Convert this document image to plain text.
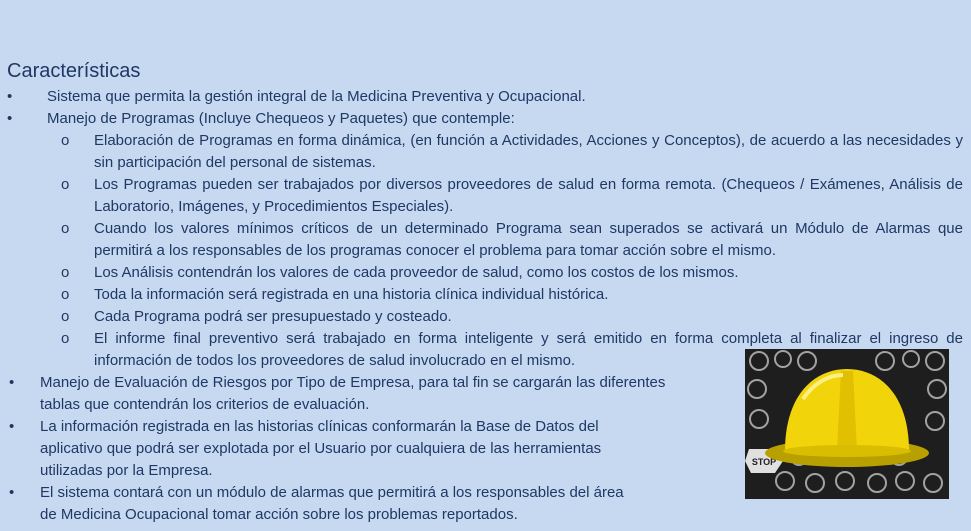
Características
• Sistema que permita la gestión integral de la Medicina Preventiva y Ocupacional.
• Manejo de Programas (Incluye Chequeos y Paquetes) que contemple:
o Elaboración de Programas en forma dinámica, (en función a Actividades, Acciones y Conceptos), de acuerdo a las necesidades y sin participación del personal de sistemas.
o Los Programas pueden ser trabajados por diversos proveedores de salud en forma remota. (Chequeos / Exámenes, Análisis de Laboratorio, Imágenes, y Procedimientos Especiales).
o Cuando los valores mínimos críticos de un determinado Programa sean superados se activará un Módulo de Alarmas que permitirá a los responsables de los programas conocer el problema para tomar acción sobre el mismo.
o Los Análisis contendrán los valores de cada proveedor de salud, como los costos de los mismos.
o Toda la información será registrada en una historia clínica individual histórica.
o Cada Programa podrá ser presupuestado y costeado.
o El informe final preventivo será trabajado en forma inteligente y será emitido en forma completa al finalizar el ingreso de información de todos los proveedores de salud involucrado en el mismo.
• Manejo de Evaluación de Riesgos por Tipo de Empresa, para tal fin se cargarán las diferentes
tablas que contendrán los criterios de evaluación.
• La información registrada en las historias clínicas conformarán la Base de Datos del
aplicativo que podrá ser explotada por el Usuario por cualquiera de las herramientas
utilizadas por la Empresa.
• El sistema contará con un módulo de alarmas que permitirá a los responsables del área
de Medicina Ocupacional tomar acción sobre los problemas reportados.
STOP
